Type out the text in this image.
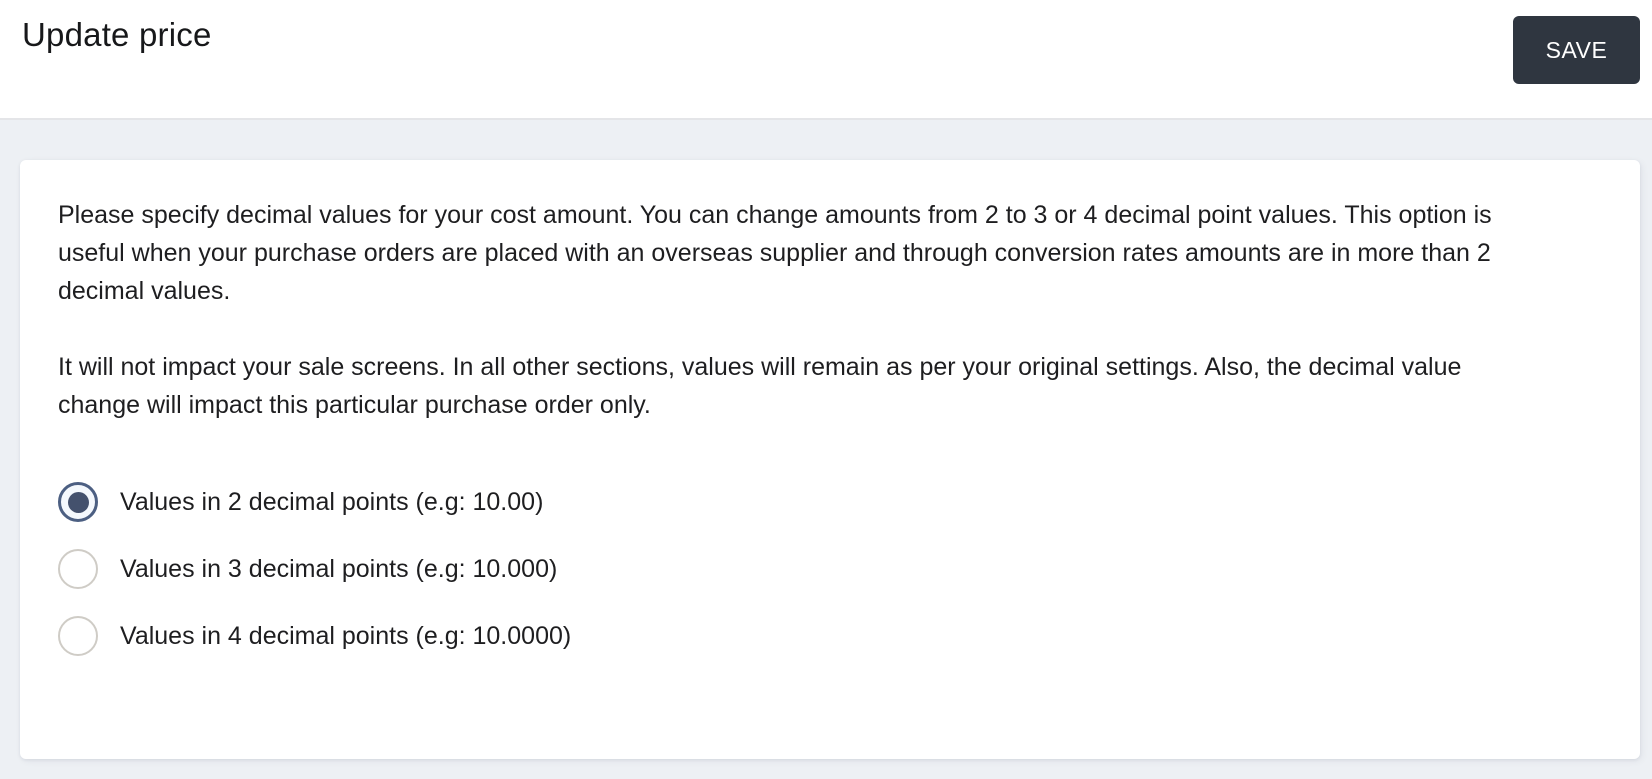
Update price	SAVE

Please specify decimal values for your cost amount. You can change amounts from 2 to 3 or 4 decimal point values. This option is useful when your purchase orders are placed with an overseas supplier and through conversion rates amounts are in more than 2 decimal values.

It will not impact your sale screens. In all other sections, values will remain as per your original settings. Also, the decimal value change will impact this particular purchase order only.

Values in 2 decimal points (e.g: 10.00)
Values in 3 decimal points (e.g: 10.000)
Values in 4 decimal points (e.g: 10.0000)
